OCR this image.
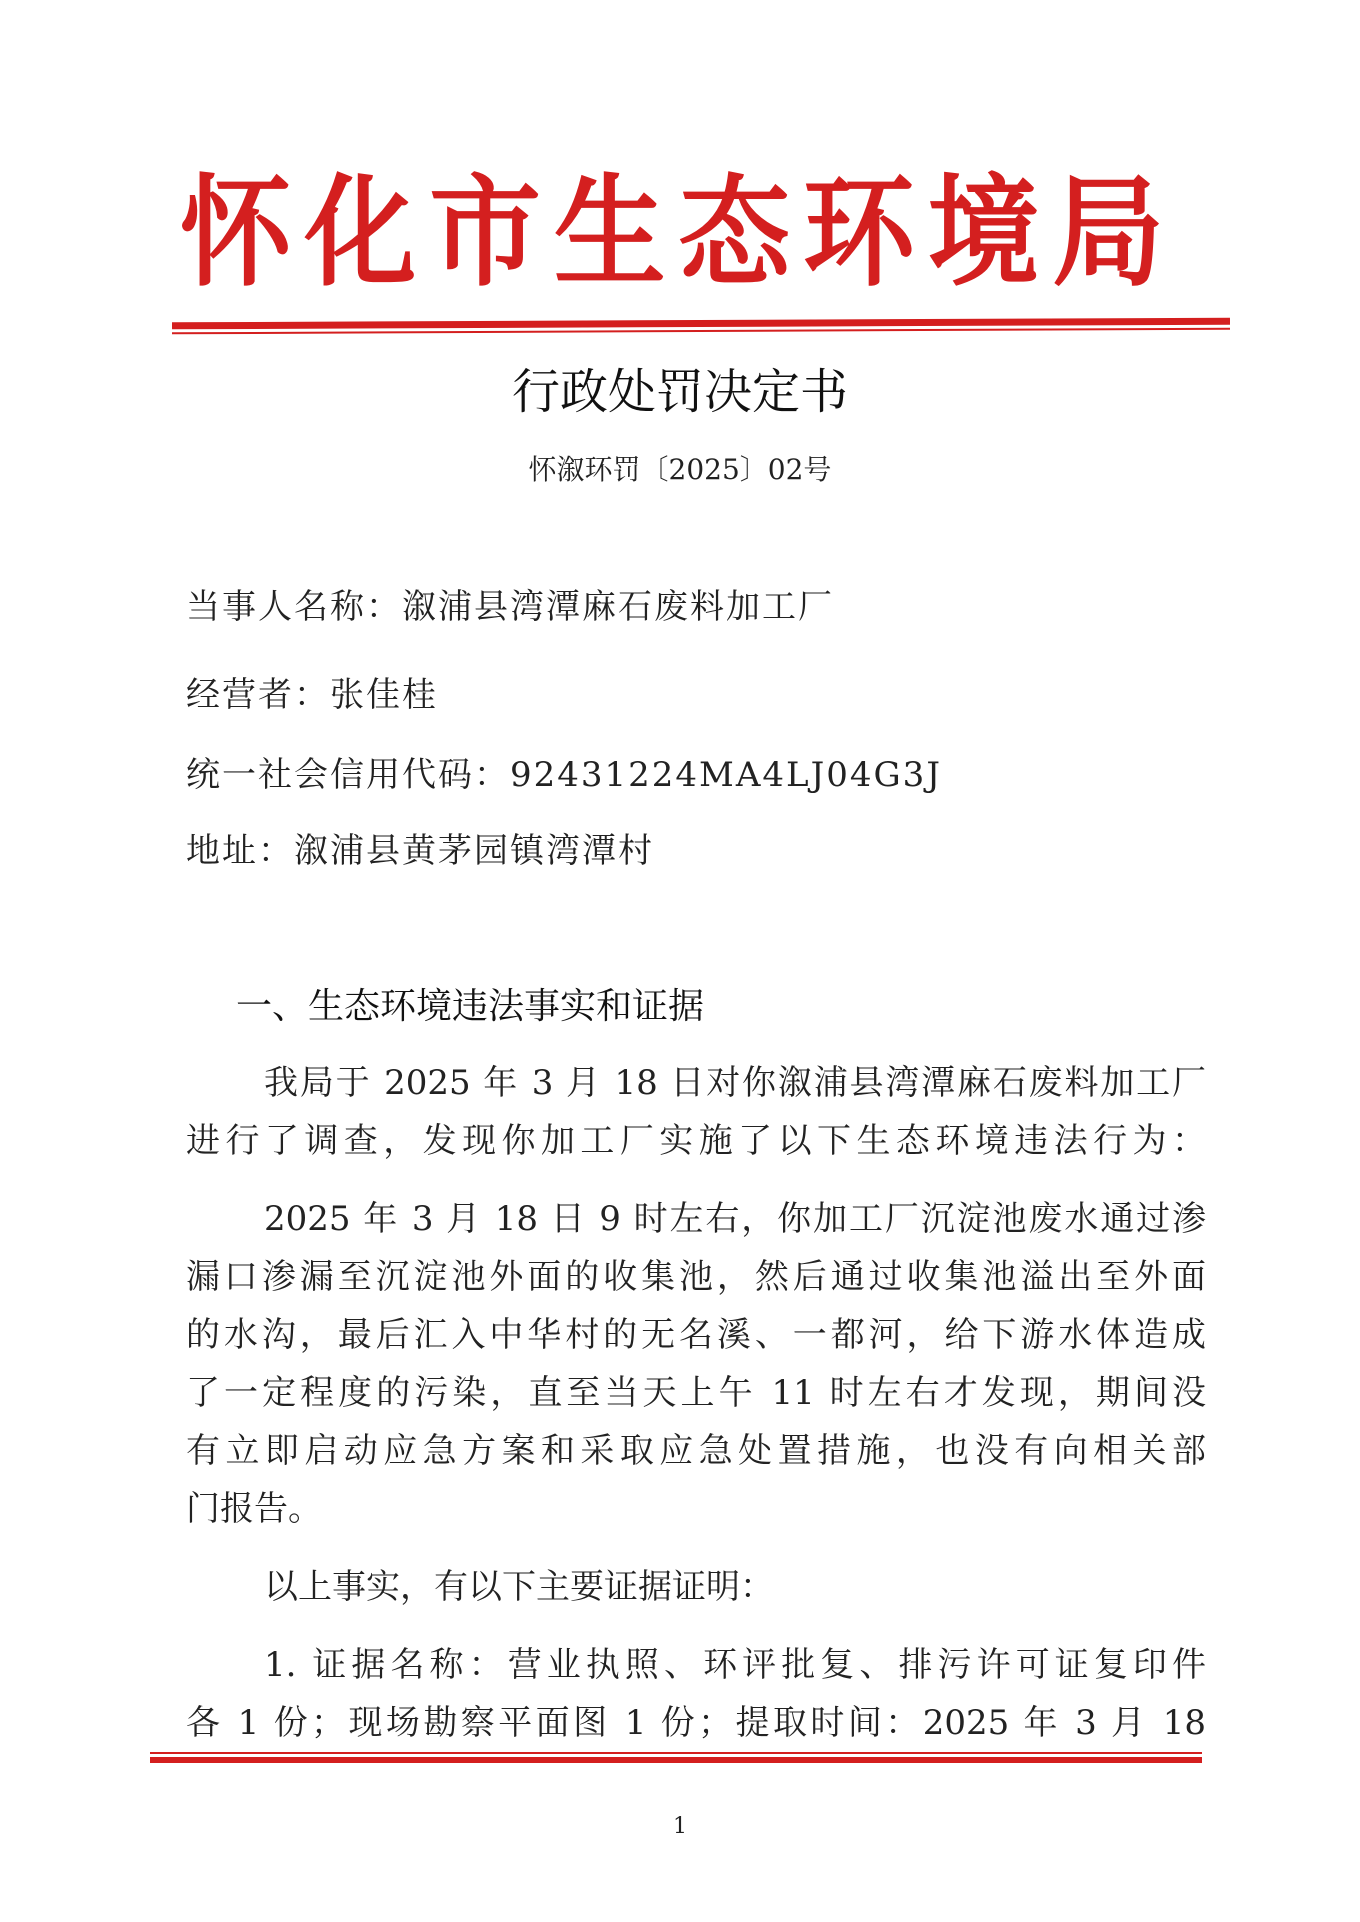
怀化市生态环境局
行政处罚决定书
怀溆环罚〔2025〕02号
当事人名称：溆浦县湾潭麻石废料加工厂
经营者：张佳桂
统一社会信用代码：92431224MA4LJ04G3J
地址：溆浦县黄茅园镇湾潭村
一、生态环境违法事实和证据
我局于 2025 年 3 月 18 日对你溆浦县湾潭麻石废料加工厂
进行了调查，发现你加工厂实施了以下生态环境违法行为：
2025 年 3 月 18 日 9 时左右，你加工厂沉淀池废水通过渗
漏口渗漏至沉淀池外面的收集池，然后通过收集池溢出至外面
的水沟，最后汇入中华村的无名溪、一都河，给下游水体造成
了一定程度的污染，直至当天上午 11 时左右才发现，期间没
有立即启动应急方案和采取应急处置措施，也没有向相关部
门报告。
以上事实，有以下主要证据证明：
1. 证据名称：营业执照、环评批复、排污许可证复印件
各 1 份；现场勘察平面图 1 份；提取时间：2025 年 3 月 18
1
